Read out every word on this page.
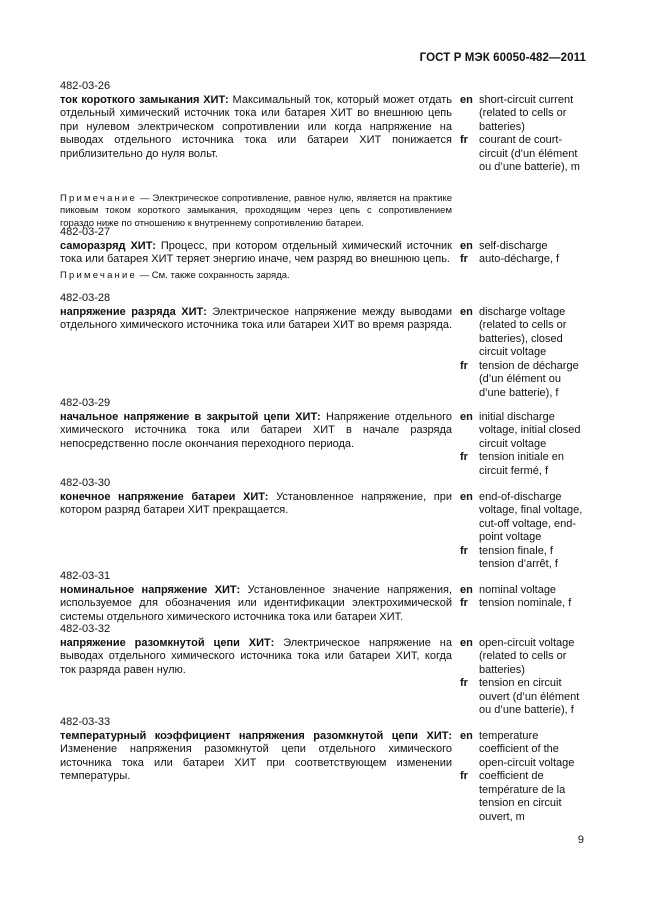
ГОСТ Р МЭК 60050-482—2011
482-03-26
ток короткого замыкания ХИТ: Максимальный ток, который может отдать отдельный химический источник тока или батарея ХИТ во внешнюю цепь при нулевом электрическом сопротивлении или когда напряжение на выводах отдельного источника тока или батареи ХИТ понижается приблизительно до нуля вольт.
en short-circuit current (related to cells or batteries)
fr	courant de court-circuit (d’un élément ou d’une batterie), m
Примечание — Электрическое сопротивление, равное нулю, является на практике пиковым током короткого замыкания, проходящим через цепь с сопротивлением гораздо ниже по отношению к внутреннему сопротивлению батареи.
482-03-27
саморазряд ХИТ: Процесс, при котором отдельный химический источник тока или батарея ХИТ теряет энергию иначе, чем разряд во внешнюю цепь.
en self-discharge
fr	auto-décharge, f
Примечание — См. также сохранность заряда.
482-03-28
напряжение разряда ХИТ: Электрическое напряжение между выводами отдельного химического источника тока или батареи ХИТ во время разряда.
en discharge voltage (related to cells or batteries), closed circuit voltage
fr	tension de décharge (d’un élément ou d’une batterie), f
482-03-29
начальное напряжение в закрытой цепи ХИТ: Напряжение отдельного химического источника тока или батареи ХИТ в начале разряда непосредственно после окончания переходного периода.
en initial discharge voltage, initial closed circuit voltage
fr	tension initiale en circuit fermé, f
482-03-30
конечное напряжение батареи ХИТ: Установленное напряжение, при котором разряд батареи ХИТ прекращается.
en end-of-discharge voltage, final voltage, cut-off voltage, end-point voltage
fr	tension finale, f tension d’arrêt, f
482-03-31
номинальное напряжение ХИТ: Установленное значение напряжения, используемое для обозначения или идентификации электрохимической системы отдельного химического источника тока или батареи ХИТ.
en nominal voltage
fr	tension nominale, f
482-03-32
напряжение разомкнутой цепи ХИТ: Электрическое напряжение на выводах отдельного химического источника тока или батареи ХИТ, когда ток разряда равен нулю.
en open-circuit voltage (related to cells or batteries)
fr	tension en circuit ouvert (d’un élément ou d’une batterie), f
482-03-33
температурный коэффициент напряжения разомкнутой цепи ХИТ: Изменение напряжения разомкнутой цепи отдельного химического источника тока или батареи ХИТ при соответствующем изменении температуры.
en temperature coefficient of the open-circuit voltage
fr	coefficient de température de la tension en circuit ouvert, m
9
